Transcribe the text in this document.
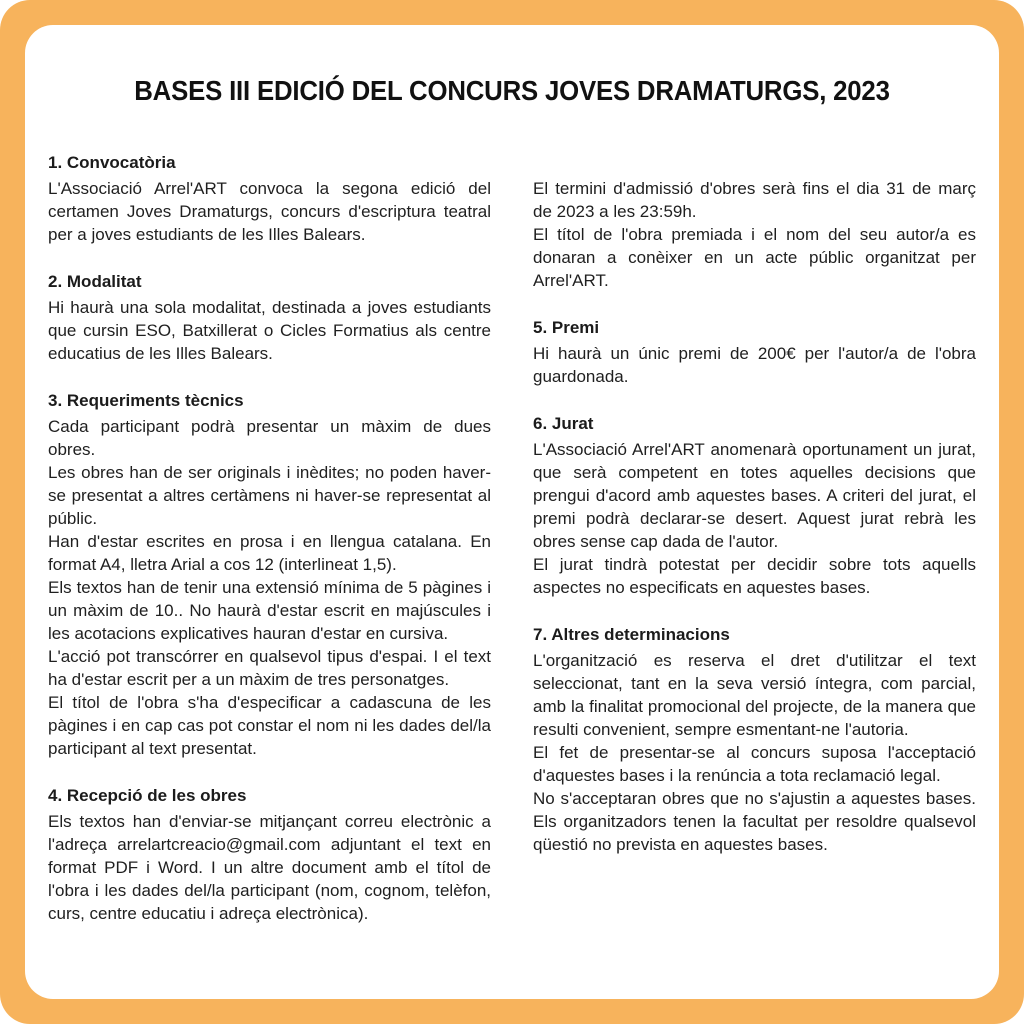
BASES III EDICIÓ DEL CONCURS JOVES DRAMATURGS, 2023
1. Convocatòria

L'Associació Arrel'ART convoca la segona edició del certamen Joves Dramaturgs, concurs d'escriptura teatral per a joves estudiants de les Illes Balears.

2. Modalitat

Hi haurà una sola modalitat, destinada a joves estudiants que cursin ESO, Batxillerat o Cicles Formatius als centre educatius de les Illes Balears.

3. Requeriments tècnics

Cada participant podrà presentar un màxim de dues obres.

Les obres han de ser originals i inèdites; no poden haver-se presentat a altres certàmens ni haver-se representat al públic.

Han d'estar escrites en prosa i en llengua catalana. En format A4, lletra Arial a cos 12 (interlineat 1,5).

Els textos han de tenir una extensió mínima de 5 pàgines i un màxim de 10.. No haurà d'estar escrit en majúscules i les acotacions explicatives hauran d'estar en cursiva.

L'acció pot transcórrer en qualsevol tipus d'espai. I el text ha d'estar escrit per a un màxim de tres personatges.

El títol de l'obra s'ha d'especificar a cadascuna de les pàgines i en cap cas pot constar el nom ni les dades del/la participant al text presentat.

4. Recepció de les obres

Els textos han d'enviar-se mitjançant correu electrònic a l'adreça arrelartcreacio@gmail.com adjuntant el text en format PDF i Word. I un altre document amb el títol de l'obra i les dades del/la participant (nom, cognom, telèfon, curs, centre educatiu i adreça electrònica).

El termini d'admissió d'obres serà fins el dia 31 de març de 2023 a les 23:59h.

El títol de l'obra premiada i el nom del seu autor/a es donaran a conèixer en un acte públic organitzat per Arrel'ART.

5. Premi

Hi haurà un únic premi de 200€ per l'autor/a de l'obra guardonada.

6. Jurat

L'Associació Arrel'ART anomenarà oportunament un jurat, que serà competent en totes aquelles decisions que prengui d'acord amb aquestes bases. A criteri del jurat, el premi podrà declarar-se desert. Aquest jurat rebrà les obres sense cap dada de l'autor.

El jurat tindrà potestat per decidir sobre tots aquells aspectes no especificats en aquestes bases.

7. Altres determinacions

L'organització es reserva el dret d'utilitzar el text seleccionat, tant en la seva versió íntegra, com parcial, amb la finalitat promocional del projecte, de la manera que resulti convenient, sempre esmentant-ne l'autoria.

El fet de presentar-se al concurs suposa l'acceptació d'aquestes bases i la renúncia a tota reclamació legal.

No s'acceptaran obres que no s'ajustin a aquestes bases. Els organitzadors tenen la facultat per resoldre qualsevol qüestió no prevista en aquestes bases.
